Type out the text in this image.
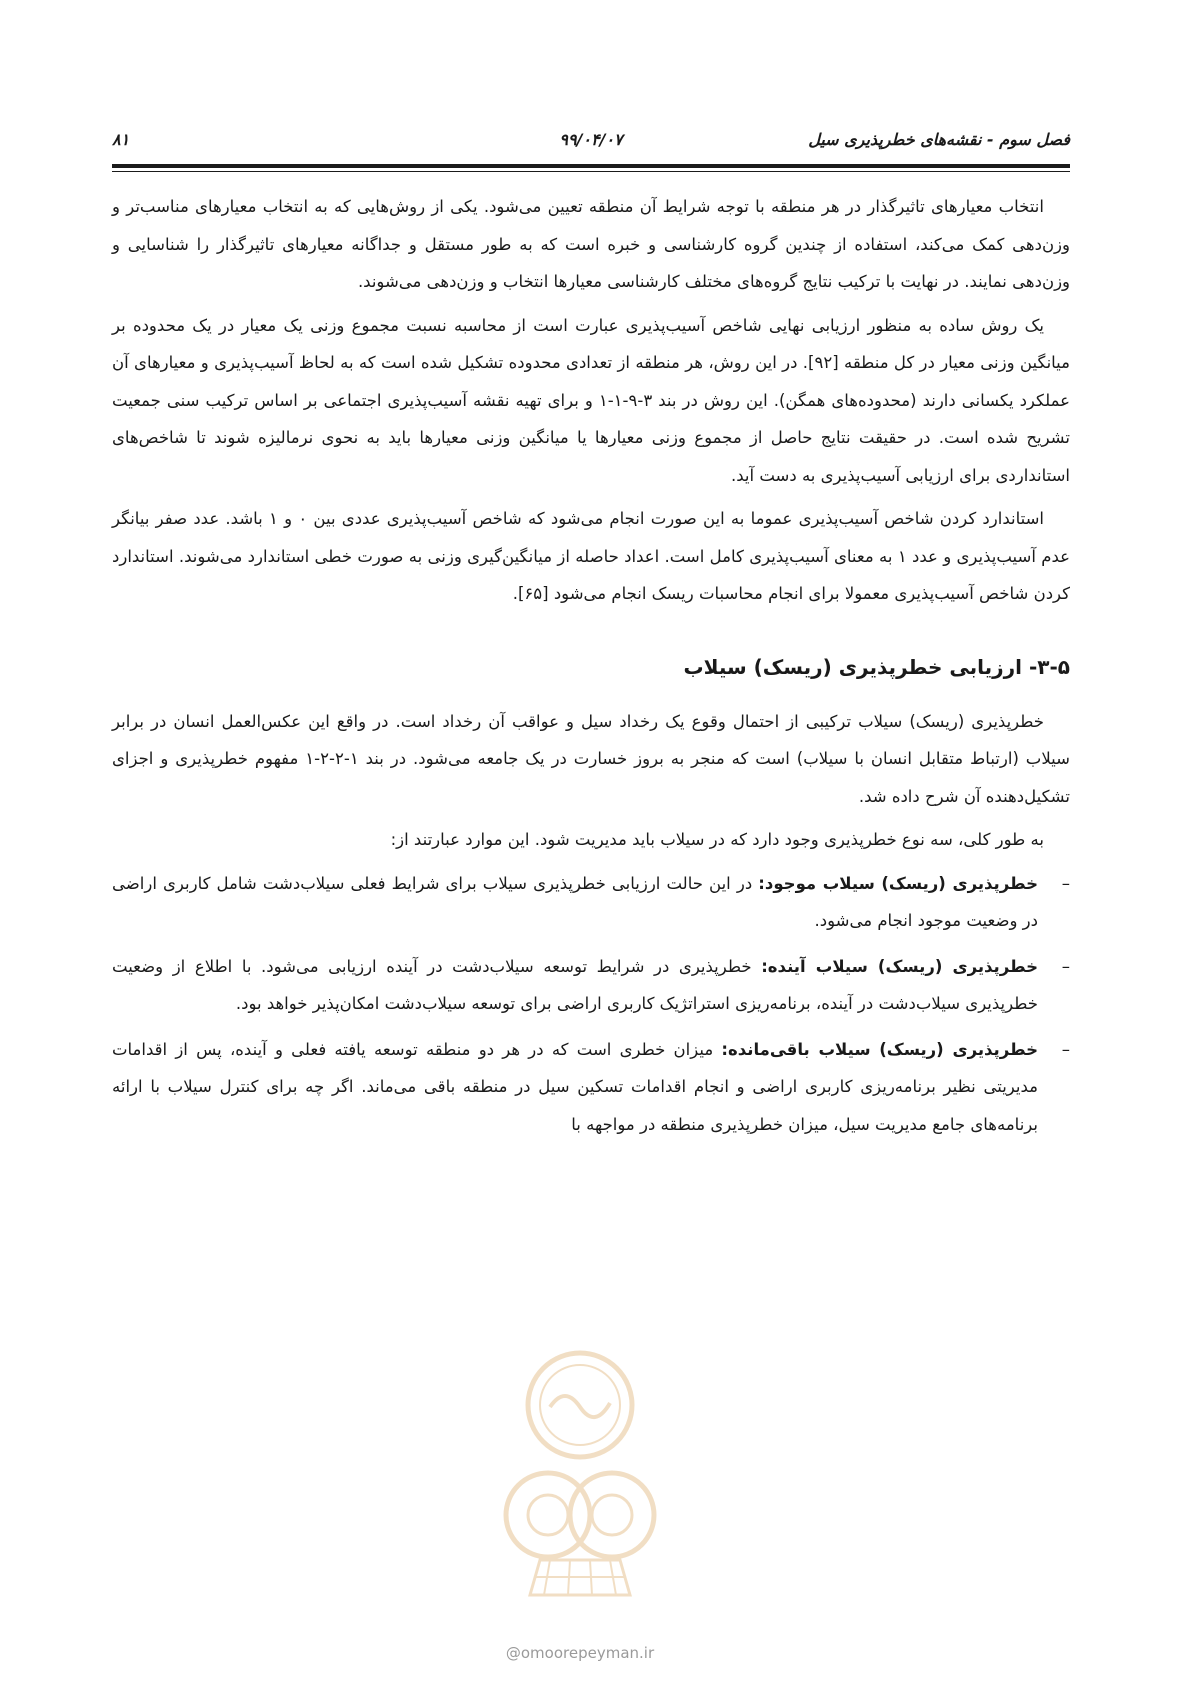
فصل سوم - نقشه‌های خطرپذیری سیل
۹۹/۰۴/۰۷
۸۱

انتخاب معیارهای تاثیرگذار در هر منطقه با توجه شرایط آن منطقه تعیین می‌شود. یکی از روش‌هایی که به انتخاب معیارهای مناسب‌تر و وزن‌دهی کمک می‌کند، استفاده از چندین گروه کارشناسی و خبره است که به طور مستقل و جداگانه معیارهای تاثیرگذار را شناسایی و وزن‌دهی نمایند. در نهایت با ترکیب نتایج گروه‌های مختلف کارشناسی معیارها انتخاب و وزن‌دهی می‌شوند.

یک روش ساده به منظور ارزیابی نهایی شاخص آسیب‌پذیری عبارت است از محاسبه نسبت مجموع وزنی یک معیار در یک محدوده بر میانگین وزنی معیار در کل منطقه [۹۲]. در این روش، هر منطقه از تعدادی محدوده تشکیل شده است که به لحاظ آسیب‌پذیری و معیارهای آن عملکرد یکسانی دارند (محدوده‌های همگن). این روش در بند ۳-۹-۱-۱ و برای تهیه نقشه آسیب‌پذیری اجتماعی بر اساس ترکیب سنی جمعیت تشریح شده است. در حقیقت نتایج حاصل از مجموع وزنی معیارها یا میانگین وزنی معیارها باید به نحوی نرمالیزه شوند تا شاخص‌های استانداردی برای ارزیابی آسیب‌پذیری به دست آید.

استاندارد کردن شاخص آسیب‌پذیری عموما به این صورت انجام می‌شود که شاخص آسیب‌پذیری عددی بین ۰ و ۱ باشد. عدد صفر بیانگر عدم آسیب‌پذیری و عدد ۱ به معنای آسیب‌پذیری کامل است. اعداد حاصله از میانگین‌گیری وزنی به صورت خطی استاندارد می‌شوند. استاندارد کردن شاخص آسیب‌پذیری معمولا برای انجام محاسبات ریسک انجام می‌شود [۶۵].

۳-۵- ارزیابی خطرپذیری (ریسک) سیلاب

خطرپذیری (ریسک) سیلاب ترکیبی از احتمال وقوع یک رخداد سیل و عواقب آن رخداد است. در واقع این عکس‌العمل انسان در برابر سیلاب (ارتباط متقابل انسان با سیلاب) است که منجر به بروز خسارت در یک جامعه می‌شود. در بند ۱-۲-۲-۱ مفهوم خطرپذیری و اجزای تشکیل‌دهنده آن شرح داده شد.

به طور کلی، سه نوع خطرپذیری وجود دارد که در سیلاب باید مدیریت شود. این موارد عبارتند از:

–
خطرپذیری (ریسک) سیلاب موجود: در این حالت ارزیابی خطرپذیری سیلاب برای شرایط فعلی سیلاب‌دشت شامل کاربری اراضی در وضعیت موجود انجام می‌شود.
–
خطرپذیری (ریسک) سیلاب آینده: خطرپذیری در شرایط توسعه سیلاب‌دشت در آینده ارزیابی می‌شود. با اطلاع از وضعیت خطرپذیری سیلاب‌دشت در آینده، برنامه‌ریزی استراتژیک کاربری اراضی برای توسعه سیلاب‌دشت امکان‌پذیر خواهد بود.
–
خطرپذیری (ریسک) سیلاب باقی‌مانده: میزان خطری است که در هر دو منطقه توسعه یافته فعلی و آینده، پس از اقدامات مدیریتی نظیر برنامه‌ریزی کاربری اراضی و انجام اقدامات تسکین سیل در منطقه باقی می‌ماند. اگر چه برای کنترل سیلاب با ارائه برنامه‌های جامع مدیریت سیل، میزان خطرپذیری منطقه در مواجهه با
@omoorepeyman.ir
